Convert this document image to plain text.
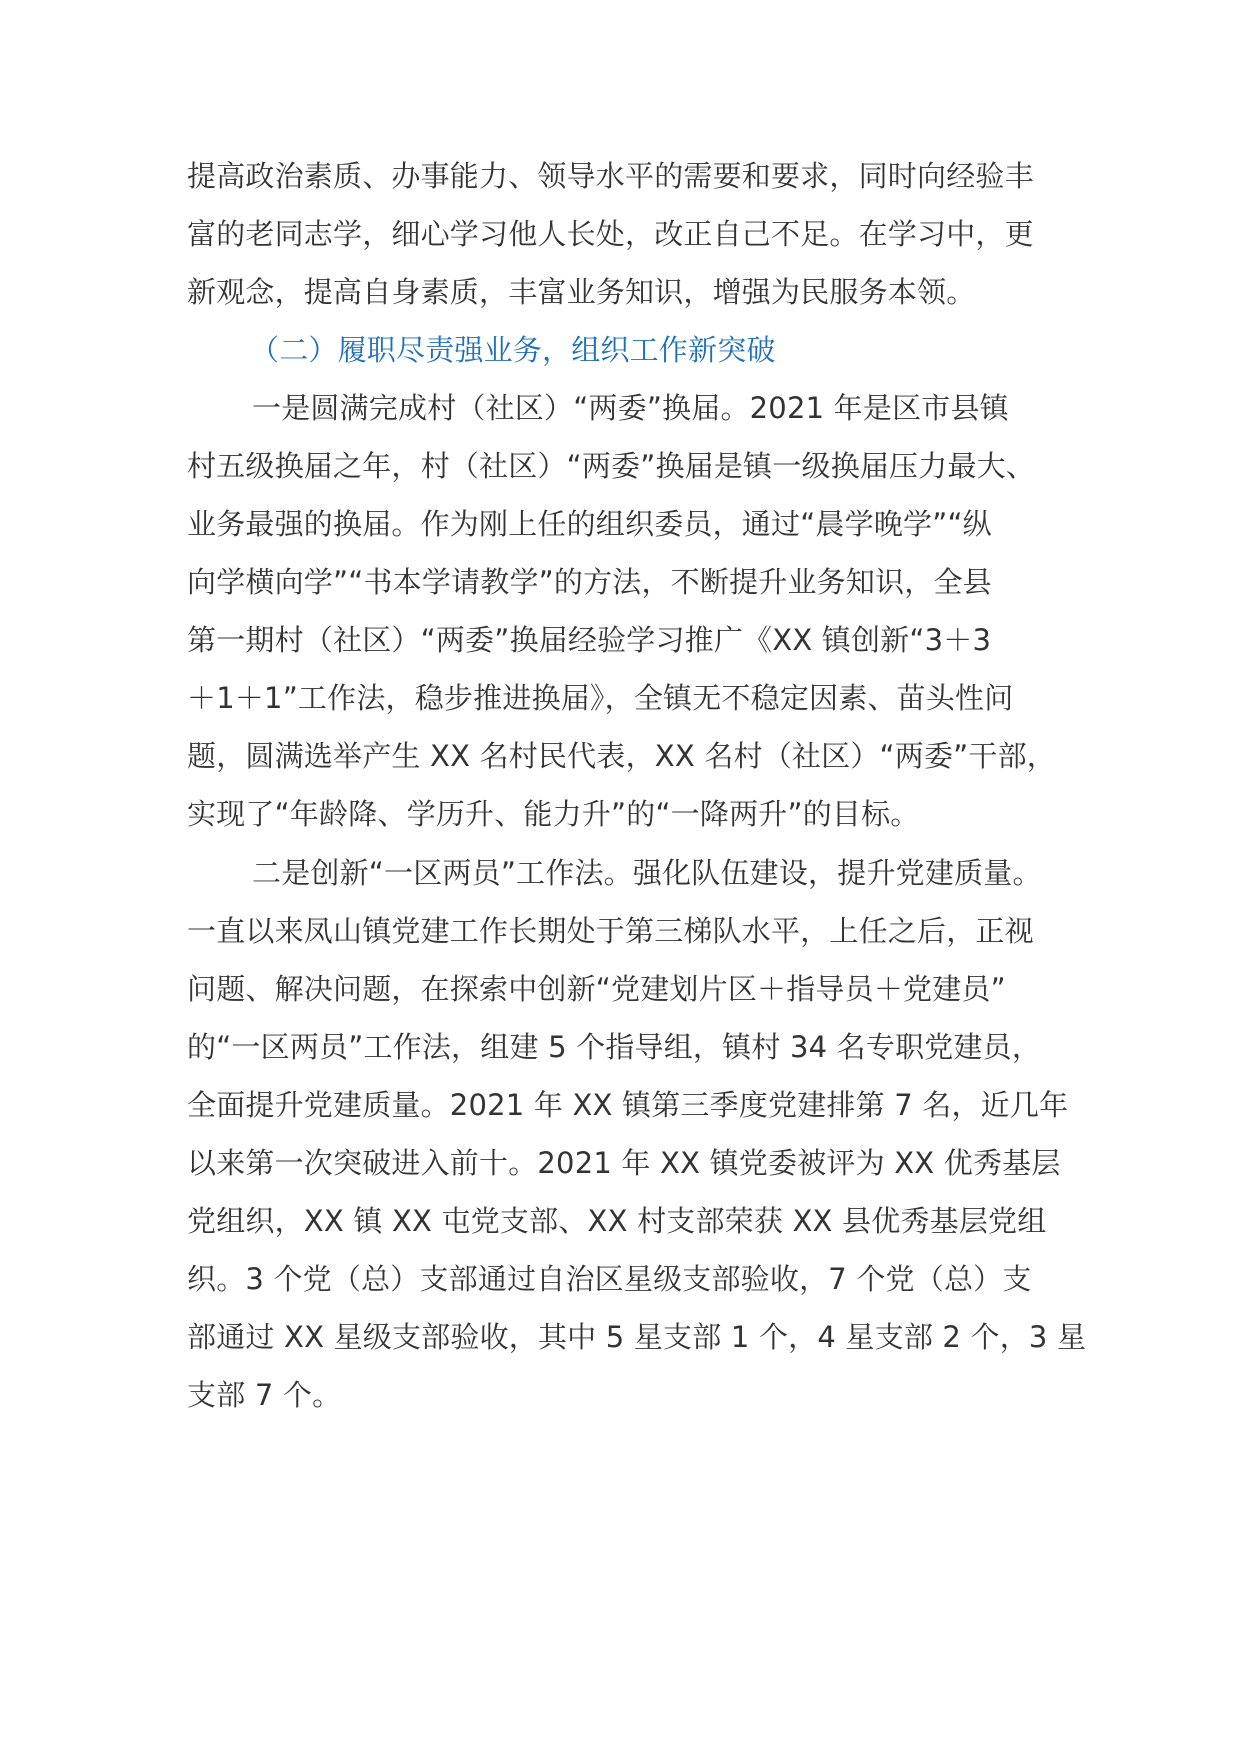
提高政治素质、办事能力、领导水平的需要和要求，同时向经验丰
富的老同志学，细心学习他人长处，改正自己不足。在学习中，更
新观念，提高自身素质，丰富业务知识，增强为民服务本领。
（二）履职尽责强业务，组织工作新突破
一是圆满完成村（社区）“两委”换届。2021 年是区市县镇
村五级换届之年，村（社区）“两委”换届是镇一级换届压力最大、
业务最强的换届。作为刚上任的组织委员，通过“晨学晚学”“纵
向学横向学”“书本学请教学”的方法，不断提升业务知识，全县
第一期村（社区）“两委”换届经验学习推广《XX 镇创新“3＋3
＋1＋1”工作法，稳步推进换届》，全镇无不稳定因素、苗头性问
题，圆满选举产生 XX 名村民代表，XX 名村（社区）“两委”干部，
实现了“年龄降、学历升、能力升”的“一降两升”的目标。
二是创新“一区两员”工作法。强化队伍建设，提升党建质量。
一直以来凤山镇党建工作长期处于第三梯队水平，上任之后，正视
问题、解决问题，在探索中创新“党建划片区＋指导员＋党建员”
的“一区两员”工作法，组建 5 个指导组，镇村 34 名专职党建员，
全面提升党建质量。2021 年 XX 镇第三季度党建排第 7 名，近几年
以来第一次突破进入前十。2021 年 XX 镇党委被评为 XX 优秀基层
党组织，XX 镇 XX 屯党支部、XX 村支部荣获 XX 县优秀基层党组
织。3 个党（总）支部通过自治区星级支部验收，7 个党（总）支
部通过 XX 星级支部验收，其中 5 星支部 1 个，4 星支部 2 个，3 星
支部 7 个。
